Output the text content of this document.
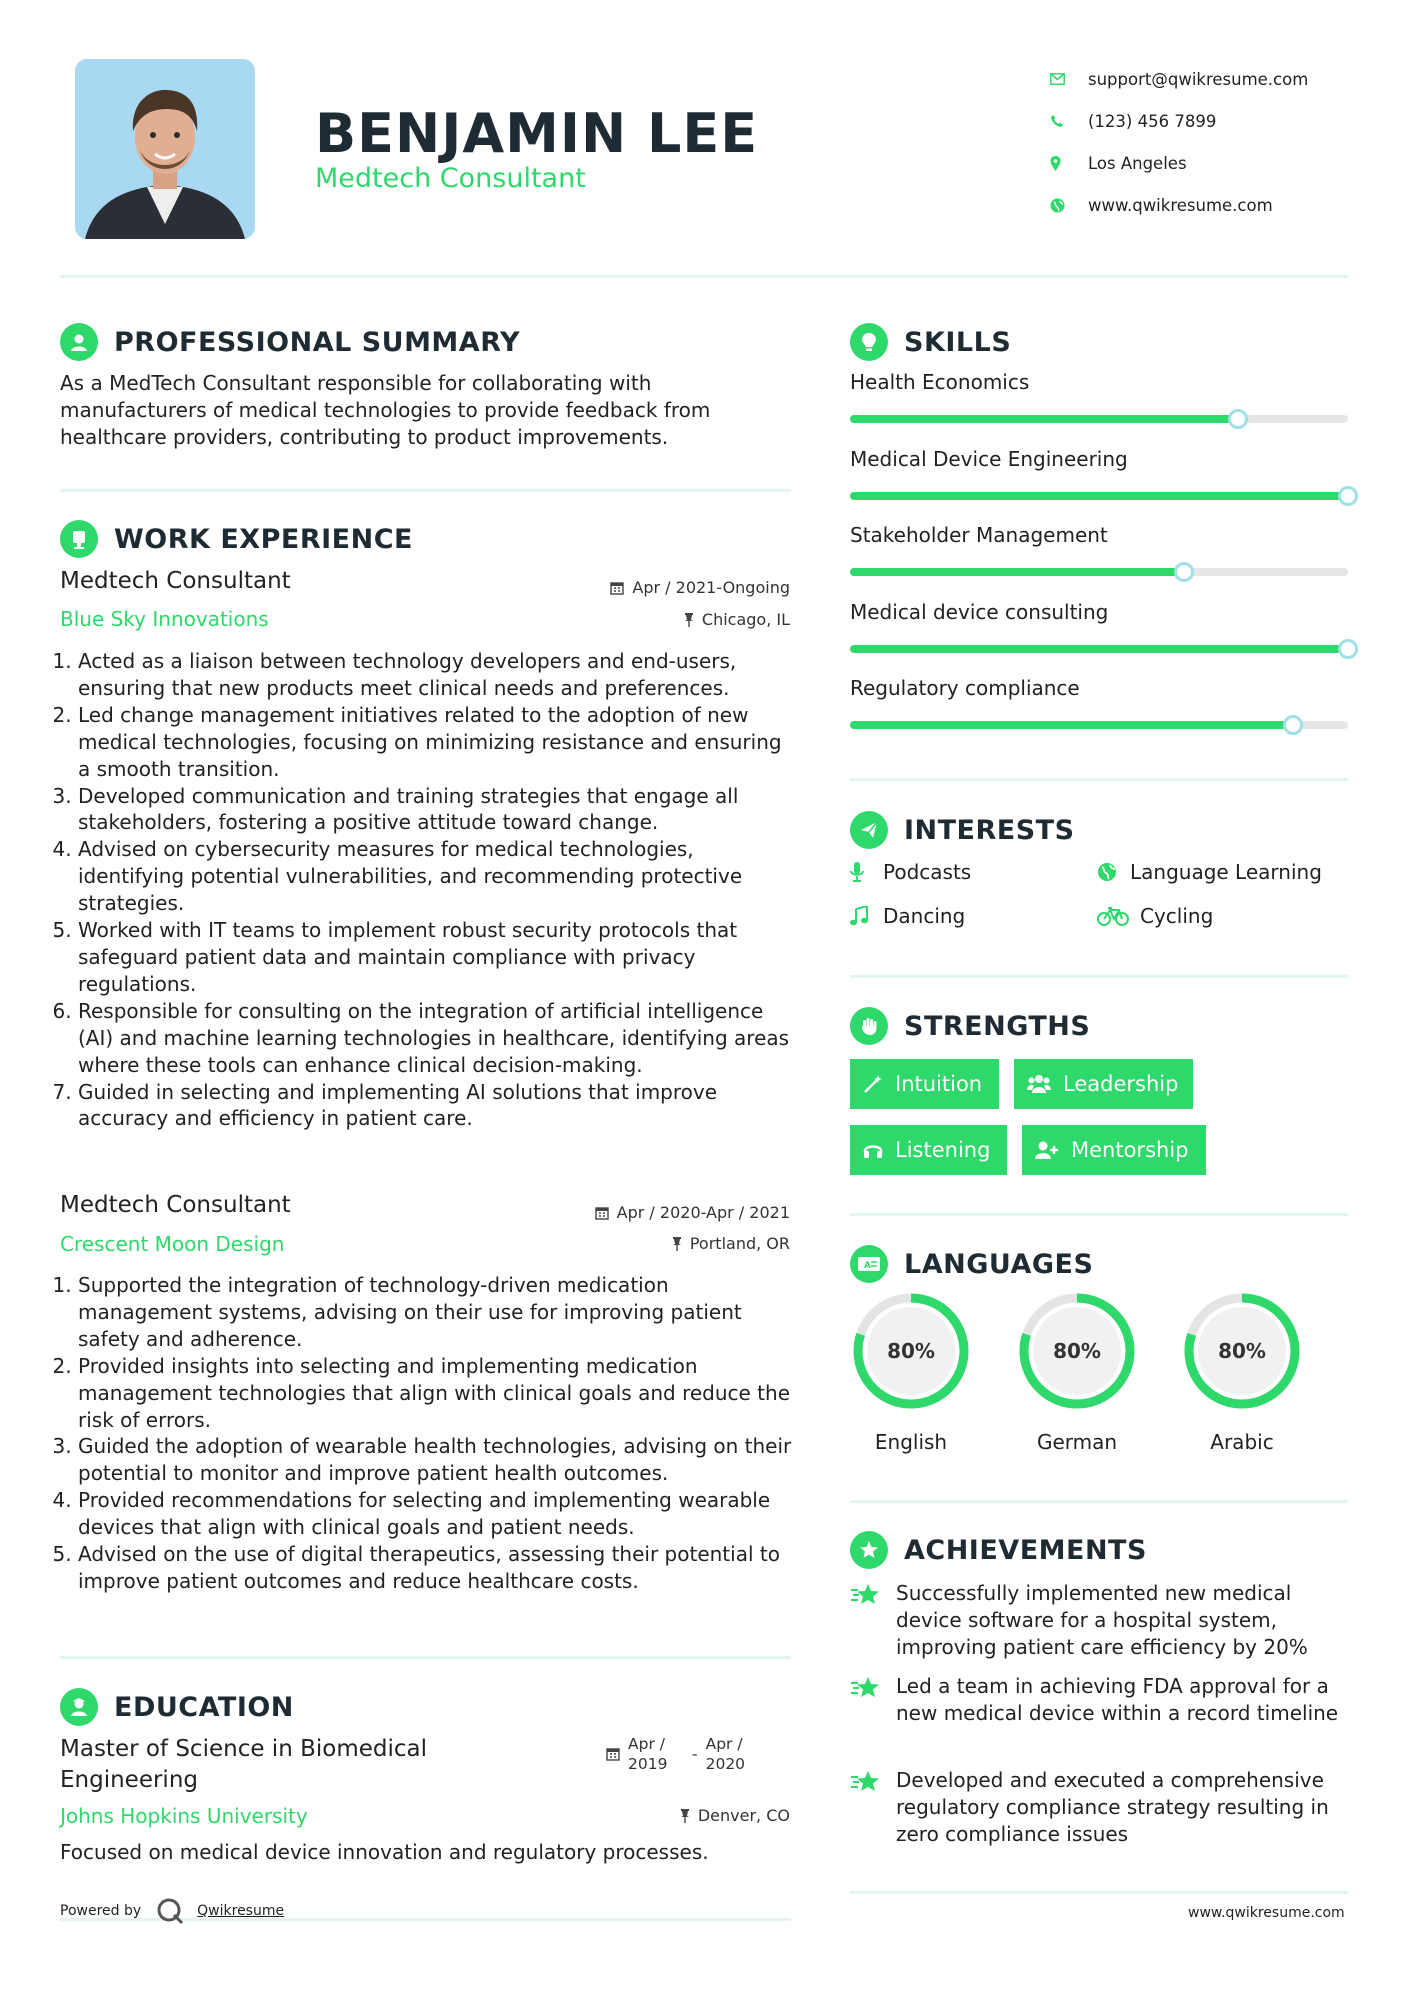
BENJAMIN LEE
Medtech Consultant
support@qwikresume.com
(123) 456 7899
Los Angeles
www.qwikresume.com
PROFESSIONAL SUMMARY
As a MedTech Consultant responsible for collaborating with manufacturers of medical technologies to provide feedback from healthcare providers, contributing to product improvements.
WORK EXPERIENCE
Medtech Consultant	Apr / 2021-Ongoing
Blue Sky Innovations	Chicago, IL
1. Acted as a liaison between technology developers and end-users, ensuring that new products meet clinical needs and preferences.
2. Led change management initiatives related to the adoption of new medical technologies, focusing on minimizing resistance and ensuring a smooth transition.
3. Developed communication and training strategies that engage all stakeholders, fostering a positive attitude toward change.
4. Advised on cybersecurity measures for medical technologies, identifying potential vulnerabilities, and recommending protective strategies.
5. Worked with IT teams to implement robust security protocols that safeguard patient data and maintain compliance with privacy regulations.
6. Responsible for consulting on the integration of artificial intelligence (AI) and machine learning technologies in healthcare, identifying areas where these tools can enhance clinical decision-making.
7. Guided in selecting and implementing AI solutions that improve accuracy and efficiency in patient care.
Medtech Consultant	Apr / 2020-Apr / 2021
Crescent Moon Design	Portland, OR
1. Supported the integration of technology-driven medication management systems, advising on their use for improving patient safety and adherence.
2. Provided insights into selecting and implementing medication management technologies that align with clinical goals and reduce the risk of errors.
3. Guided the adoption of wearable health technologies, advising on their potential to monitor and improve patient health outcomes.
4. Provided recommendations for selecting and implementing wearable devices that align with clinical goals and patient needs.
5. Advised on the use of digital therapeutics, assessing their potential to improve patient outcomes and reduce healthcare costs.
EDUCATION
Master of Science in Biomedical Engineering
Apr / 2019
-
Apr / 2020
Johns Hopkins University	Denver, CO
Focused on medical device innovation and regulatory processes.
SKILLS
Health Economics
Medical Device Engineering
Stakeholder Management
Medical device consulting
Regulatory compliance
INTERESTS
Podcasts	Language Learning
Dancing	Cycling
STRENGTHS
Intuition	Leadership
Listening	Mentorship
A LANGUAGES
80%
English
80%
German
80%
Arabic
ACHIEVEMENTS
Successfully implemented new medical device software for a hospital system, improving patient care efficiency by 20%
Led a team in achieving FDA approval for a new medical device within a record timeline
Developed and executed a comprehensive regulatory compliance strategy resulting in zero compliance issues
Powered by	Qwikresume	www.qwikresume.com
